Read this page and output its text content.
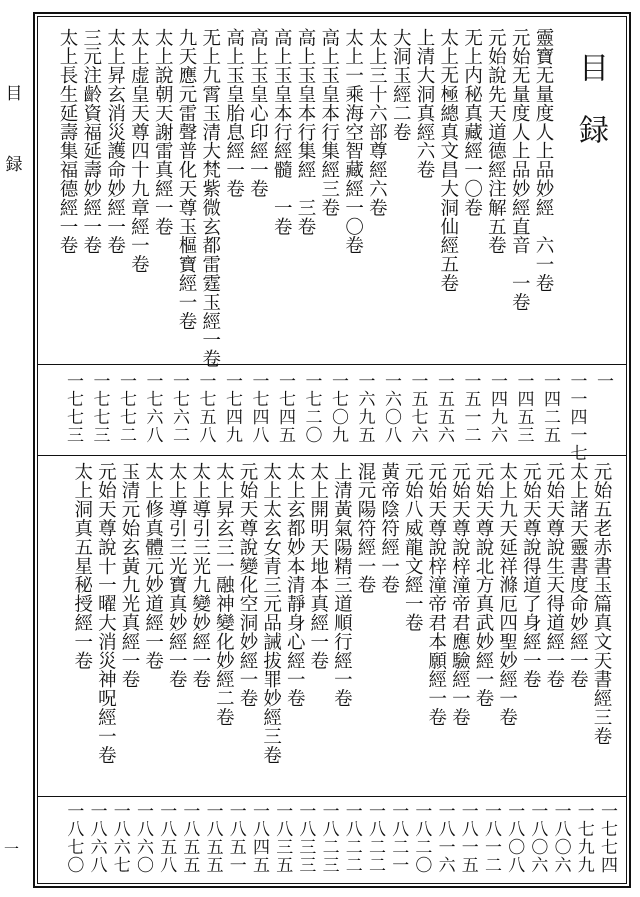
目
録
一
目録
靈寶无量度人上品妙經　六一卷
元始无量度人上品妙經直音　一卷
元始說先天道德經注解五卷
无上内秘真藏經一〇卷
太上无極總真文昌大洞仙經五卷
上清大洞真經六卷
大洞玉經二卷
太上三十六部尊經六卷
太上一乘海空智藏經一〇卷
高上玉皇本行集經三卷
高上玉皇本行集經　三卷
高上玉皇本行經髓　一卷
高上玉皇心印經一卷
高上玉皇胎息經一卷
无上九霄玉清大梵紫微玄都雷霆玉經一卷
九天應元雷聲普化天尊玉樞寶經一卷
太上說朝天謝雷真經一卷
太上虚皇天尊四十九章經一卷
太上昇玄消災護命妙經一卷
三元注齡資福延壽妙經一卷
太上長生延壽集福德經一卷
一
一一四一七
一四二五
一四五三
一四九六
一五一二
一五五六
一五七六
一六〇八
一六九五
一七〇九
一七二〇
一七四五
一七四八
一七四九
一七五八
一七六二
一七六八
一七七二
一七七三
一七七三
元始五老赤書玉篇真文天書經三卷
太上諸天靈書度命妙經一卷
元始天尊說生天得道經一卷
元始天尊說得道了身經一卷
太上九天延祥滌厄四聖妙經一卷
元始天尊說北方真武妙經一卷
元始天尊說梓潼帝君應驗經一卷
元始天尊說梓潼帝君本願經一卷
元始八威龍文經一卷
黃帝陰符經一卷
混元陽符經一卷
上清黃氣陽精三道順行經一卷
太上開明天地本真經一卷
太上玄都妙本清靜身心經一卷
太上太玄女青三元品誡拔罪妙經三卷
元始天尊說變化空洞妙經一卷
太上昇玄三一融神變化妙經二卷
太上導引三光九變妙經一卷
太上導引三光寶真妙經一卷
太上修真體元妙道經一卷
玉清元始玄黃九光真經一卷
元始天尊說十一曜大消災神呪經一卷
太上洞真五星秘授經一卷
一七七四
一七九九
一八〇六
一八〇六
一八〇八
一八一二
一八一五
一八一六
一八二〇
一八二一
一八二二
一八二二
一八二三
一八三三
一八三五
一八四五
一八五一
一八五五
一八五五
一八五八
一八六〇
一八六七
一八六八
一八七〇
